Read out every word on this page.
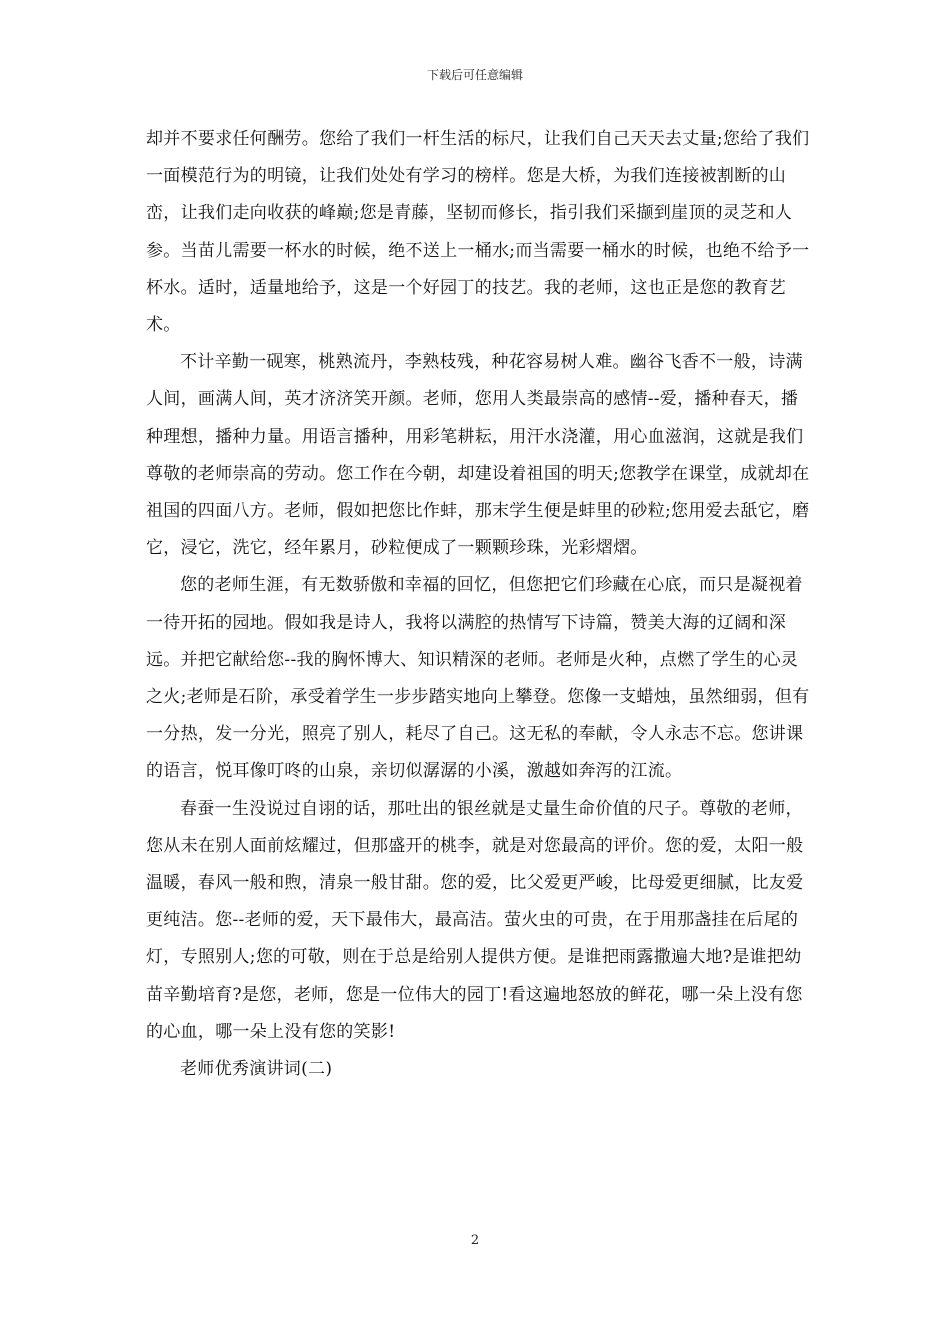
下载后可任意编辑

却并不要求任何酬劳。您给了我们一杆生活的标尺，让我们自己天天去丈量;您给了我们一面模范行为的明镜，让我们处处有学习的榜样。您是大桥，为我们连接被割断的山峦，让我们走向收获的峰巅;您是青藤，坚韧而修长，指引我们采撷到崖顶的灵芝和人参。当苗儿需要一杯水的时候，绝不送上一桶水;而当需要一桶水的时候，也绝不给予一杯水。适时，适量地给予，这是一个好园丁的技艺。我的老师，这也正是您的教育艺术。

不计辛勤一砚寒，桃熟流丹，李熟枝残，种花容易树人难。幽谷飞香不一般，诗满人间，画满人间，英才济济笑开颜。老师，您用人类最崇高的感情--爱，播种春天，播种理想，播种力量。用语言播种，用彩笔耕耘，用汗水浇灌，用心血滋润，这就是我们尊敬的老师崇高的劳动。您工作在今朝，却建设着祖国的明天;您教学在课堂，成就却在祖国的四面八方。老师，假如把您比作蚌，那末学生便是蚌里的砂粒;您用爱去舐它，磨它，浸它，洗它，经年累月，砂粒便成了一颗颗珍珠，光彩熠熠。

您的老师生涯，有无数骄傲和幸福的回忆，但您把它们珍藏在心底，而只是凝视着一待开拓的园地。假如我是诗人，我将以满腔的热情写下诗篇，赞美大海的辽阔和深远。并把它献给您--我的胸怀博大、知识精深的老师。老师是火种，点燃了学生的心灵之火;老师是石阶，承受着学生一步步踏实地向上攀登。您像一支蜡烛，虽然细弱，但有一分热，发一分光，照亮了别人，耗尽了自己。这无私的奉献，令人永志不忘。您讲课的语言，悦耳像叮咚的山泉，亲切似潺潺的小溪，激越如奔泻的江流。

春蚕一生没说过自诩的话，那吐出的银丝就是丈量生命价值的尺子。尊敬的老师，您从未在别人面前炫耀过，但那盛开的桃李，就是对您最高的评价。您的爱，太阳一般温暖，春风一般和煦，清泉一般甘甜。您的爱，比父爱更严峻，比母爱更细腻，比友爱更纯洁。您--老师的爱，天下最伟大，最高洁。萤火虫的可贵，在于用那盏挂在后尾的灯，专照别人;您的可敬，则在于总是给别人提供方便。是谁把雨露撒遍大地?是谁把幼苗辛勤培育?是您，老师，您是一位伟大的园丁!看这遍地怒放的鲜花，哪一朵上没有您的心血，哪一朵上没有您的笑影!

老师优秀演讲词(二)

2
